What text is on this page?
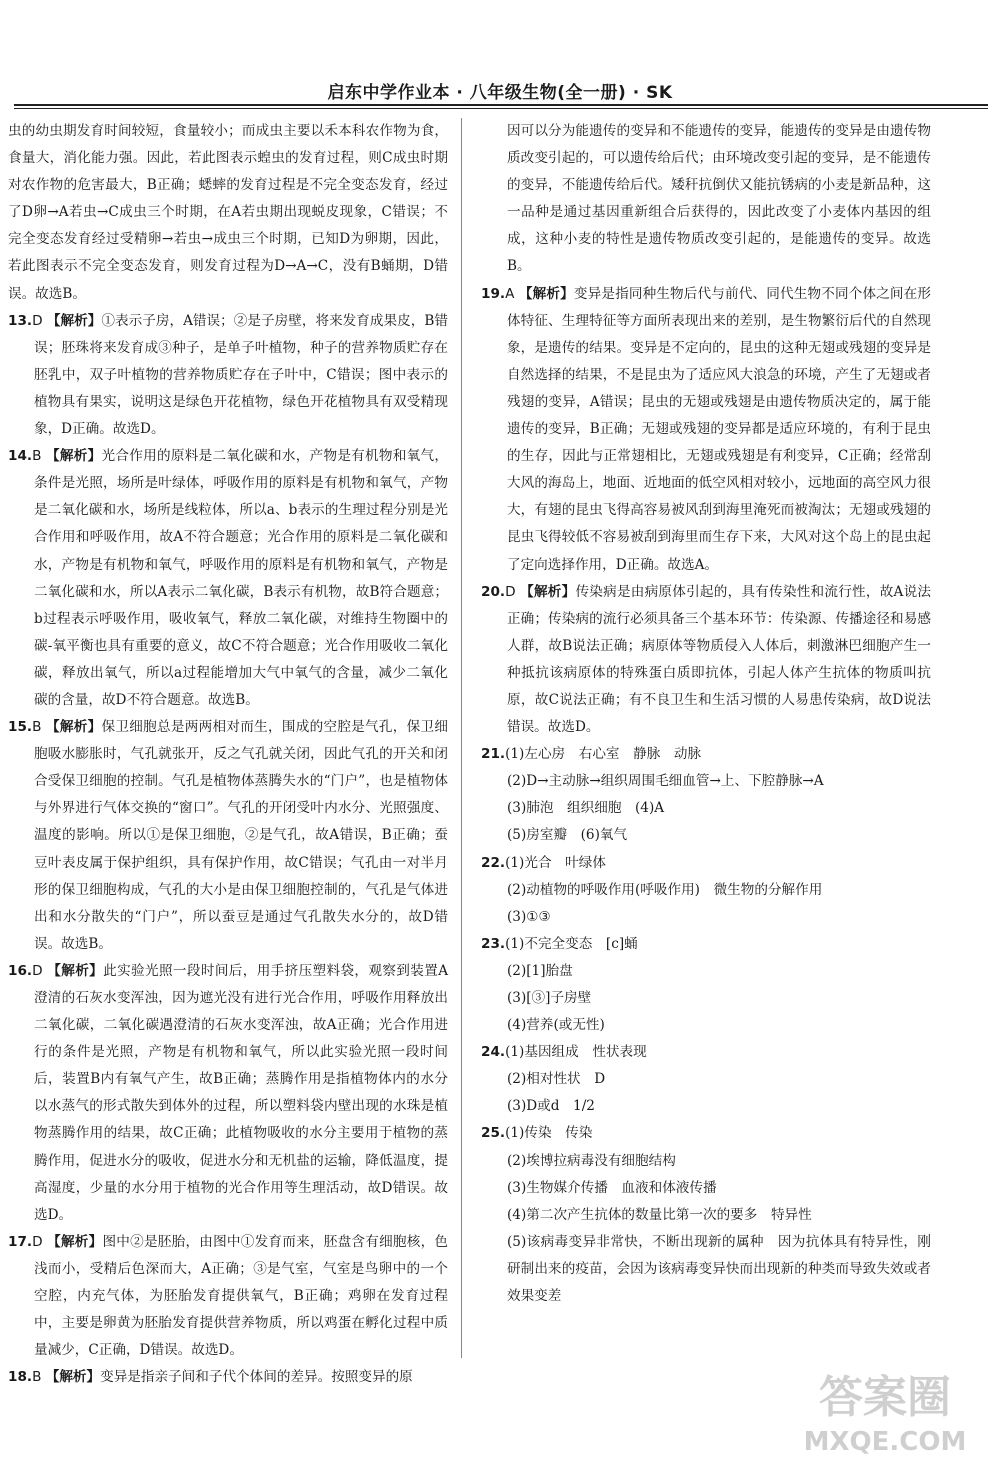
启东中学作业本 · 八年级生物(全一册) · SK

虫的幼虫期发育时间较短，食量较小；而成虫主要以禾本科农作物为食，食量大，消化能力强。因此，若此图表示蝗虫的发育过程，则C成虫时期对农作物的危害最大，B正确；蟋蟀的发育过程是不完全变态发育，经过了D卵→A若虫→C成虫三个时期，在A若虫期出现蜕皮现象，C错误；不完全变态发育经过受精卵→若虫→成虫三个时期，已知D为卵期，因此，若此图表示不完全变态发育，则发育过程为D→A→C，没有B蛹期，D错误。故选B。

13.D 【解析】①表示子房，A错误；②是子房壁，将来发育成果皮，B错误；胚珠将来发育成③种子，是单子叶植物，种子的营养物质贮存在胚乳中，双子叶植物的营养物质贮存在子叶中，C错误；图中表示的植物具有果实，说明这是绿色开花植物，绿色开花植物具有双受精现象，D正确。故选D。

14.B 【解析】光合作用的原料是二氧化碳和水，产物是有机物和氧气，条件是光照，场所是叶绿体，呼吸作用的原料是有机物和氧气，产物是二氧化碳和水，场所是线粒体，所以a、b表示的生理过程分别是光合作用和呼吸作用，故A不符合题意；光合作用的原料是二氧化碳和水，产物是有机物和氧气，呼吸作用的原料是有机物和氧气，产物是二氧化碳和水，所以A表示二氧化碳，B表示有机物，故B符合题意；b过程表示呼吸作用，吸收氧气，释放二氧化碳，对维持生物圈中的碳-氧平衡也具有重要的意义，故C不符合题意；光合作用吸收二氧化碳，释放出氧气，所以a过程能增加大气中氧气的含量，减少二氧化碳的含量，故D不符合题意。故选B。

15.B 【解析】保卫细胞总是两两相对而生，围成的空腔是气孔，保卫细胞吸水膨胀时，气孔就张开，反之气孔就关闭，因此气孔的开关和闭合受保卫细胞的控制。气孔是植物体蒸腾失水的“门户”，也是植物体与外界进行气体交换的“窗口”。气孔的开闭受叶内水分、光照强度、温度的影响。所以①是保卫细胞，②是气孔，故A错误，B正确；蚕豆叶表皮属于保护组织，具有保护作用，故C错误；气孔由一对半月形的保卫细胞构成，气孔的大小是由保卫细胞控制的，气孔是气体进出和水分散失的“门户”，所以蚕豆是通过气孔散失水分的，故D错误。故选B。

16.D 【解析】此实验光照一段时间后，用手挤压塑料袋，观察到装置A澄清的石灰水变浑浊，因为遮光没有进行光合作用，呼吸作用释放出二氧化碳，二氧化碳遇澄清的石灰水变浑浊，故A正确；光合作用进行的条件是光照，产物是有机物和氧气，所以此实验光照一段时间后，装置B内有氧气产生，故B正确；蒸腾作用是指植物体内的水分以水蒸气的形式散失到体外的过程，所以塑料袋内壁出现的水珠是植物蒸腾作用的结果，故C正确；此植物吸收的水分主要用于植物的蒸腾作用，促进水分的吸收，促进水分和无机盐的运输，降低温度，提高湿度，少量的水分用于植物的光合作用等生理活动，故D错误。故选D。

17.D 【解析】图中②是胚胎，由图中①发育而来，胚盘含有细胞核，色浅而小，受精后色深而大，A正确；③是气室，气室是鸟卵中的一个空腔，内充气体，为胚胎发育提供氧气，B正确；鸡卵在发育过程中，主要是卵黄为胚胎发育提供营养物质，所以鸡蛋在孵化过程中质量减少，C正确，D错误。故选D。

18.B 【解析】变异是指亲子间和子代个体间的差异。按照变异的原

因可以分为能遗传的变异和不能遗传的变异，能遗传的变异是由遗传物质改变引起的，可以遗传给后代；由环境改变引起的变异，是不能遗传的变异，不能遗传给后代。矮秆抗倒伏又能抗锈病的小麦是新品种，这一品种是通过基因重新组合后获得的，因此改变了小麦体内基因的组成，这种小麦的特性是遗传物质改变引起的，是能遗传的变异。故选B。

19.A 【解析】变异是指同种生物后代与前代、同代生物不同个体之间在形体特征、生理特征等方面所表现出来的差别，是生物繁衍后代的自然现象，是遗传的结果。变异是不定向的，昆虫的这种无翅或残翅的变异是自然选择的结果，不是昆虫为了适应风大浪急的环境，产生了无翅或者残翅的变异，A错误；昆虫的无翅或残翅是由遗传物质决定的，属于能遗传的变异，B正确；无翅或残翅的变异都是适应环境的，有利于昆虫的生存，因此与正常翅相比，无翅或残翅是有利变异，C正确；经常刮大风的海岛上，地面、近地面的低空风相对较小，远地面的高空风力很大，有翅的昆虫飞得高容易被风刮到海里淹死而被淘汰；无翅或残翅的昆虫飞得较低不容易被刮到海里而生存下来，大风对这个岛上的昆虫起了定向选择作用，D正确。故选A。

20.D 【解析】传染病是由病原体引起的，具有传染性和流行性，故A说法正确；传染病的流行必须具备三个基本环节：传染源、传播途径和易感人群，故B说法正确；病原体等物质侵入人体后，刺激淋巴细胞产生一种抵抗该病原体的特殊蛋白质即抗体，引起人体产生抗体的物质叫抗原，故C说法正确；有不良卫生和生活习惯的人易患传染病，故D说法错误。故选D。

21.(1)左心房　右心室　静脉　动脉
(2)D→主动脉→组织周围毛细血管→上、下腔静脉→A
(3)肺泡　组织细胞　(4)A
(5)房室瓣　(6)氧气
22.(1)光合　叶绿体
(2)动植物的呼吸作用(呼吸作用)　微生物的分解作用
(3)①③
23.(1)不完全变态　[c]蛹
(2)[1]胎盘
(3)[③]子房壁
(4)营养(或无性)
24.(1)基因组成　性状表现
(2)相对性状　D
(3)D或d　1/2
25.(1)传染　传染
(2)埃博拉病毒没有细胞结构
(3)生物媒介传播　血液和体液传播
(4)第二次产生抗体的数量比第一次的要多　特异性
(5)该病毒变异非常快，不断出现新的属种　因为抗体具有特异性，刚研制出来的疫苗，会因为该病毒变异快而出现新的种类而导致失效或者效果变差
答案圈
MXQE.COM
